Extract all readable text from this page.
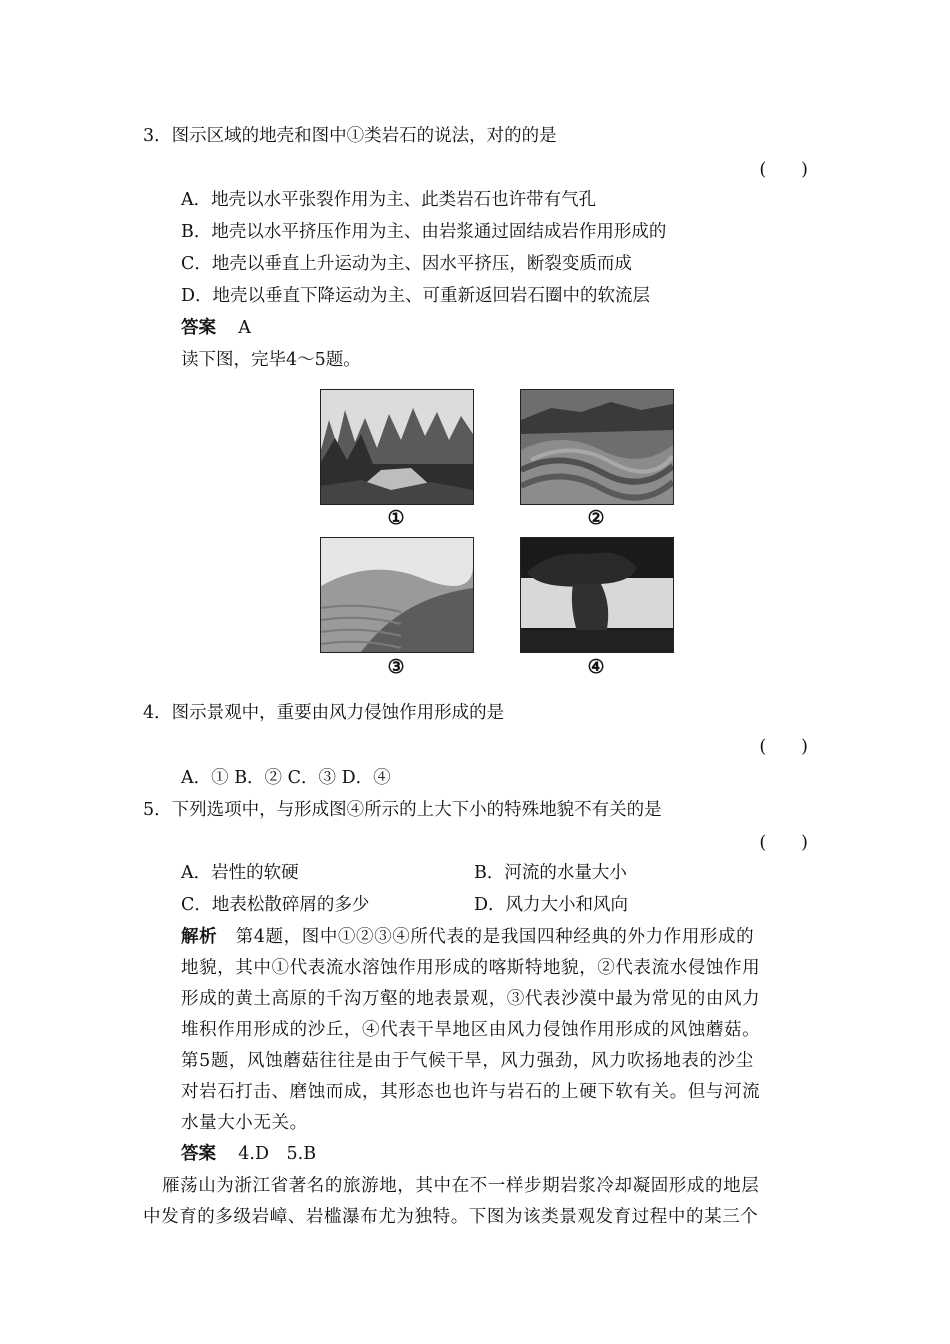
3．图示区域的地壳和图中①类岩石的说法，对的的是
(　　)
A．地壳以水平张裂作用为主、此类岩石也许带有气孔
B．地壳以水平挤压作用为主、由岩浆通过固结成岩作用形成的
C．地壳以垂直上升运动为主、因水平挤压，断裂变质而成
D．地壳以垂直下降运动为主、可重新返回岩石圈中的软流层
答案 A
读下图，完毕4～5题。
①	②
③	④
4．图示景观中，重要由风力侵蚀作用形成的是
(　　)
A．① B．② C．③ D．④
5．下列选项中，与形成图④所示的上大下小的特殊地貌不有关的是
(　　)
A．岩性的软硬	B．河流的水量大小
C．地表松散碎屑的多少	D．风力大小和风向
解析 第4题，图中①②③④所代表的是我国四种经典的外力作用形成的
地貌，其中①代表流水溶蚀作用形成的喀斯特地貌，②代表流水侵蚀作用
形成的黄土高原的千沟万壑的地表景观，③代表沙漠中最为常见的由风力
堆积作用形成的沙丘，④代表干旱地区由风力侵蚀作用形成的风蚀蘑菇。
第5题，风蚀蘑菇往往是由于气候干旱，风力强劲，风力吹扬地表的沙尘
对岩石打击、磨蚀而成，其形态也也许与岩石的上硬下软有关。但与河流
水量大小无关。
答案 4.D　5.B
雁荡山为浙江省著名的旅游地，其中在不一样步期岩浆冷却凝固形成的地层
中发育的多级岩嶂、岩槛瀑布尤为独特。下图为该类景观发育过程中的某三个
